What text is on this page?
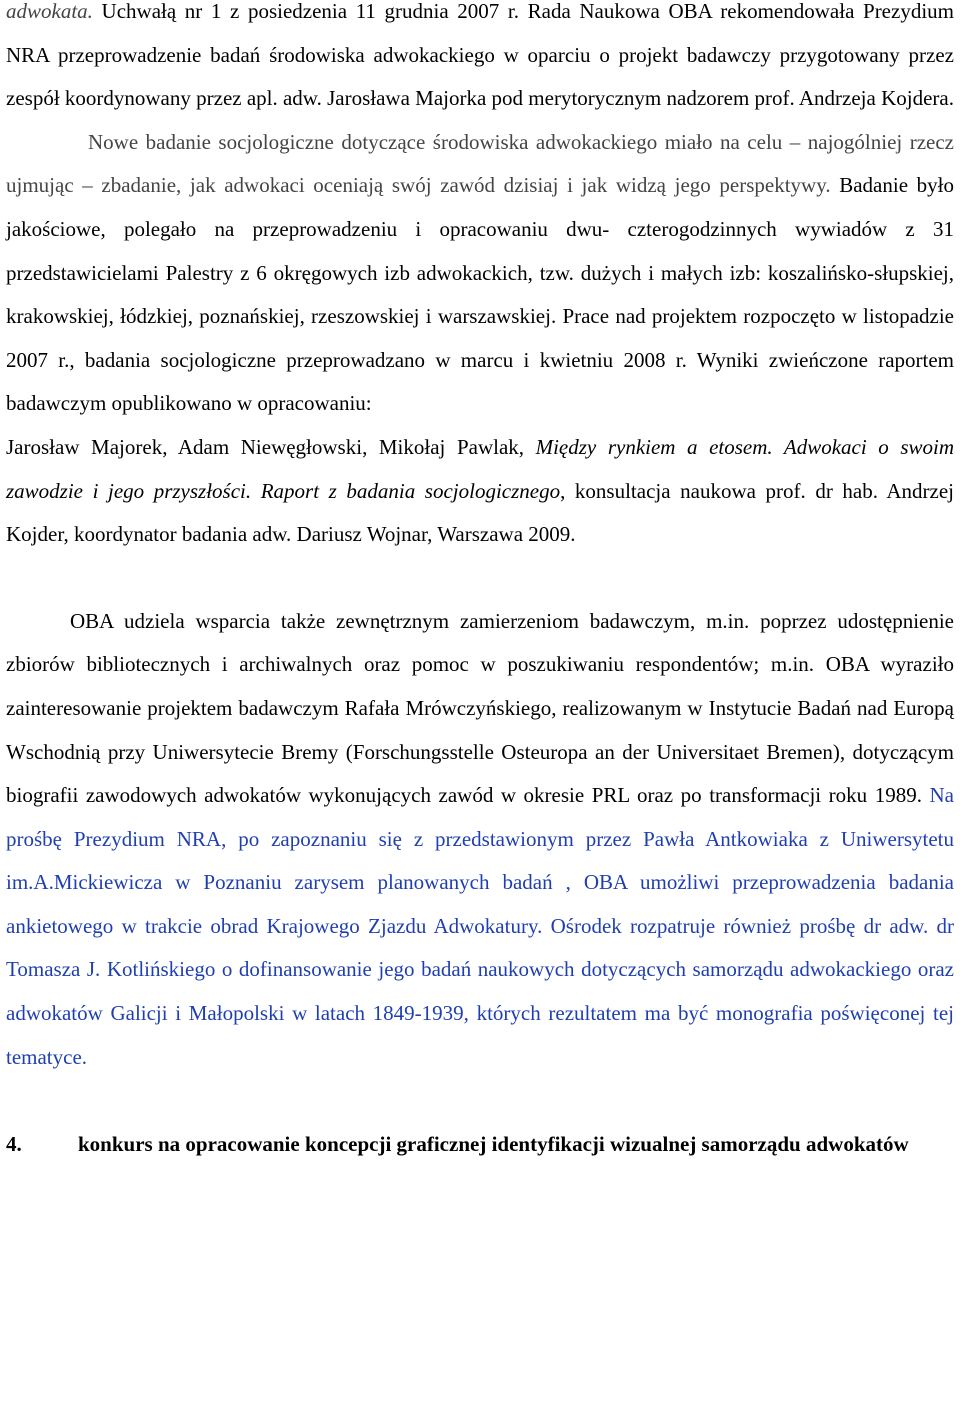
adwokata. Uchwałą nr 1 z posiedzenia 11 grudnia 2007 r. Rada Naukowa OBA rekomendowała Prezydium NRA przeprowadzenie badań środowiska adwokackiego w oparciu o projekt badawczy przygotowany przez zespół koordynowany przez apl. adw. Jarosława Majorka pod merytorycznym nadzorem prof. Andrzeja Kojdera.

Nowe badanie socjologiczne dotyczące środowiska adwokackiego miało na celu – najogólniej rzecz ujmując – zbadanie, jak adwokaci oceniają swój zawód dzisiaj i jak widzą jego perspektywy. Badanie było jakościowe, polegało na przeprowadzeniu i opracowaniu dwu- czterogodzinnych wywiadów z 31 przedstawicielami Palestry z 6 okręgowych izb adwokackich, tzw. dużych i małych izb: koszalińsko-słupskiej, krakowskiej, łódzkiej, poznańskiej, rzeszowskiej i warszawskiej. Prace nad projektem rozpoczęto w listopadzie 2007 r., badania socjologiczne przeprowadzano w marcu i kwietniu 2008 r. Wyniki zwieńczone raportem badawczym opublikowano w opracowaniu:

Jarosław Majorek, Adam Niewęgłowski, Mikołaj Pawlak, Między rynkiem a etosem. Adwokaci o swoim zawodzie i jego przyszłości. Raport z badania socjologicznego, konsultacja naukowa prof. dr hab. Andrzej Kojder, koordynator badania adw. Dariusz Wojnar, Warszawa 2009.

OBA udziela wsparcia także zewnętrznym zamierzeniom badawczym, m.in. poprzez udostępnienie zbiorów bibliotecznych i archiwalnych oraz pomoc w poszukiwaniu respondentów; m.in. OBA wyraziło zainteresowanie projektem badawczym Rafała Mrówczyńskiego, realizowanym w Instytucie Badań nad Europą Wschodnią przy Uniwersytecie Bremy (Forschungsstelle Osteuropa an der Universitaet Bremen), dotyczącym biografii zawodowych adwokatów wykonujących zawód w okresie PRL oraz po transformacji roku 1989. Na prośbę Prezydium NRA, po zapoznaniu się z przedstawionym przez Pawła Antkowiaka z Uniwersytetu im.A.Mickiewicza w Poznaniu zarysem planowanych badań , OBA umożliwi przeprowadzenia badania ankietowego w trakcie obrad Krajowego Zjazdu Adwokatury. Ośrodek rozpatruje również prośbę dr adw. dr Tomasza J. Kotlińskiego o dofinansowanie jego badań naukowych dotyczących samorządu adwokackiego oraz adwokatów Galicji i Małopolski w latach 1849-1939, których rezultatem ma być monografia poświęconej tej tematyce.

4.	konkurs na opracowanie koncepcji graficznej identyfikacji wizualnej samorządu adwokatów
